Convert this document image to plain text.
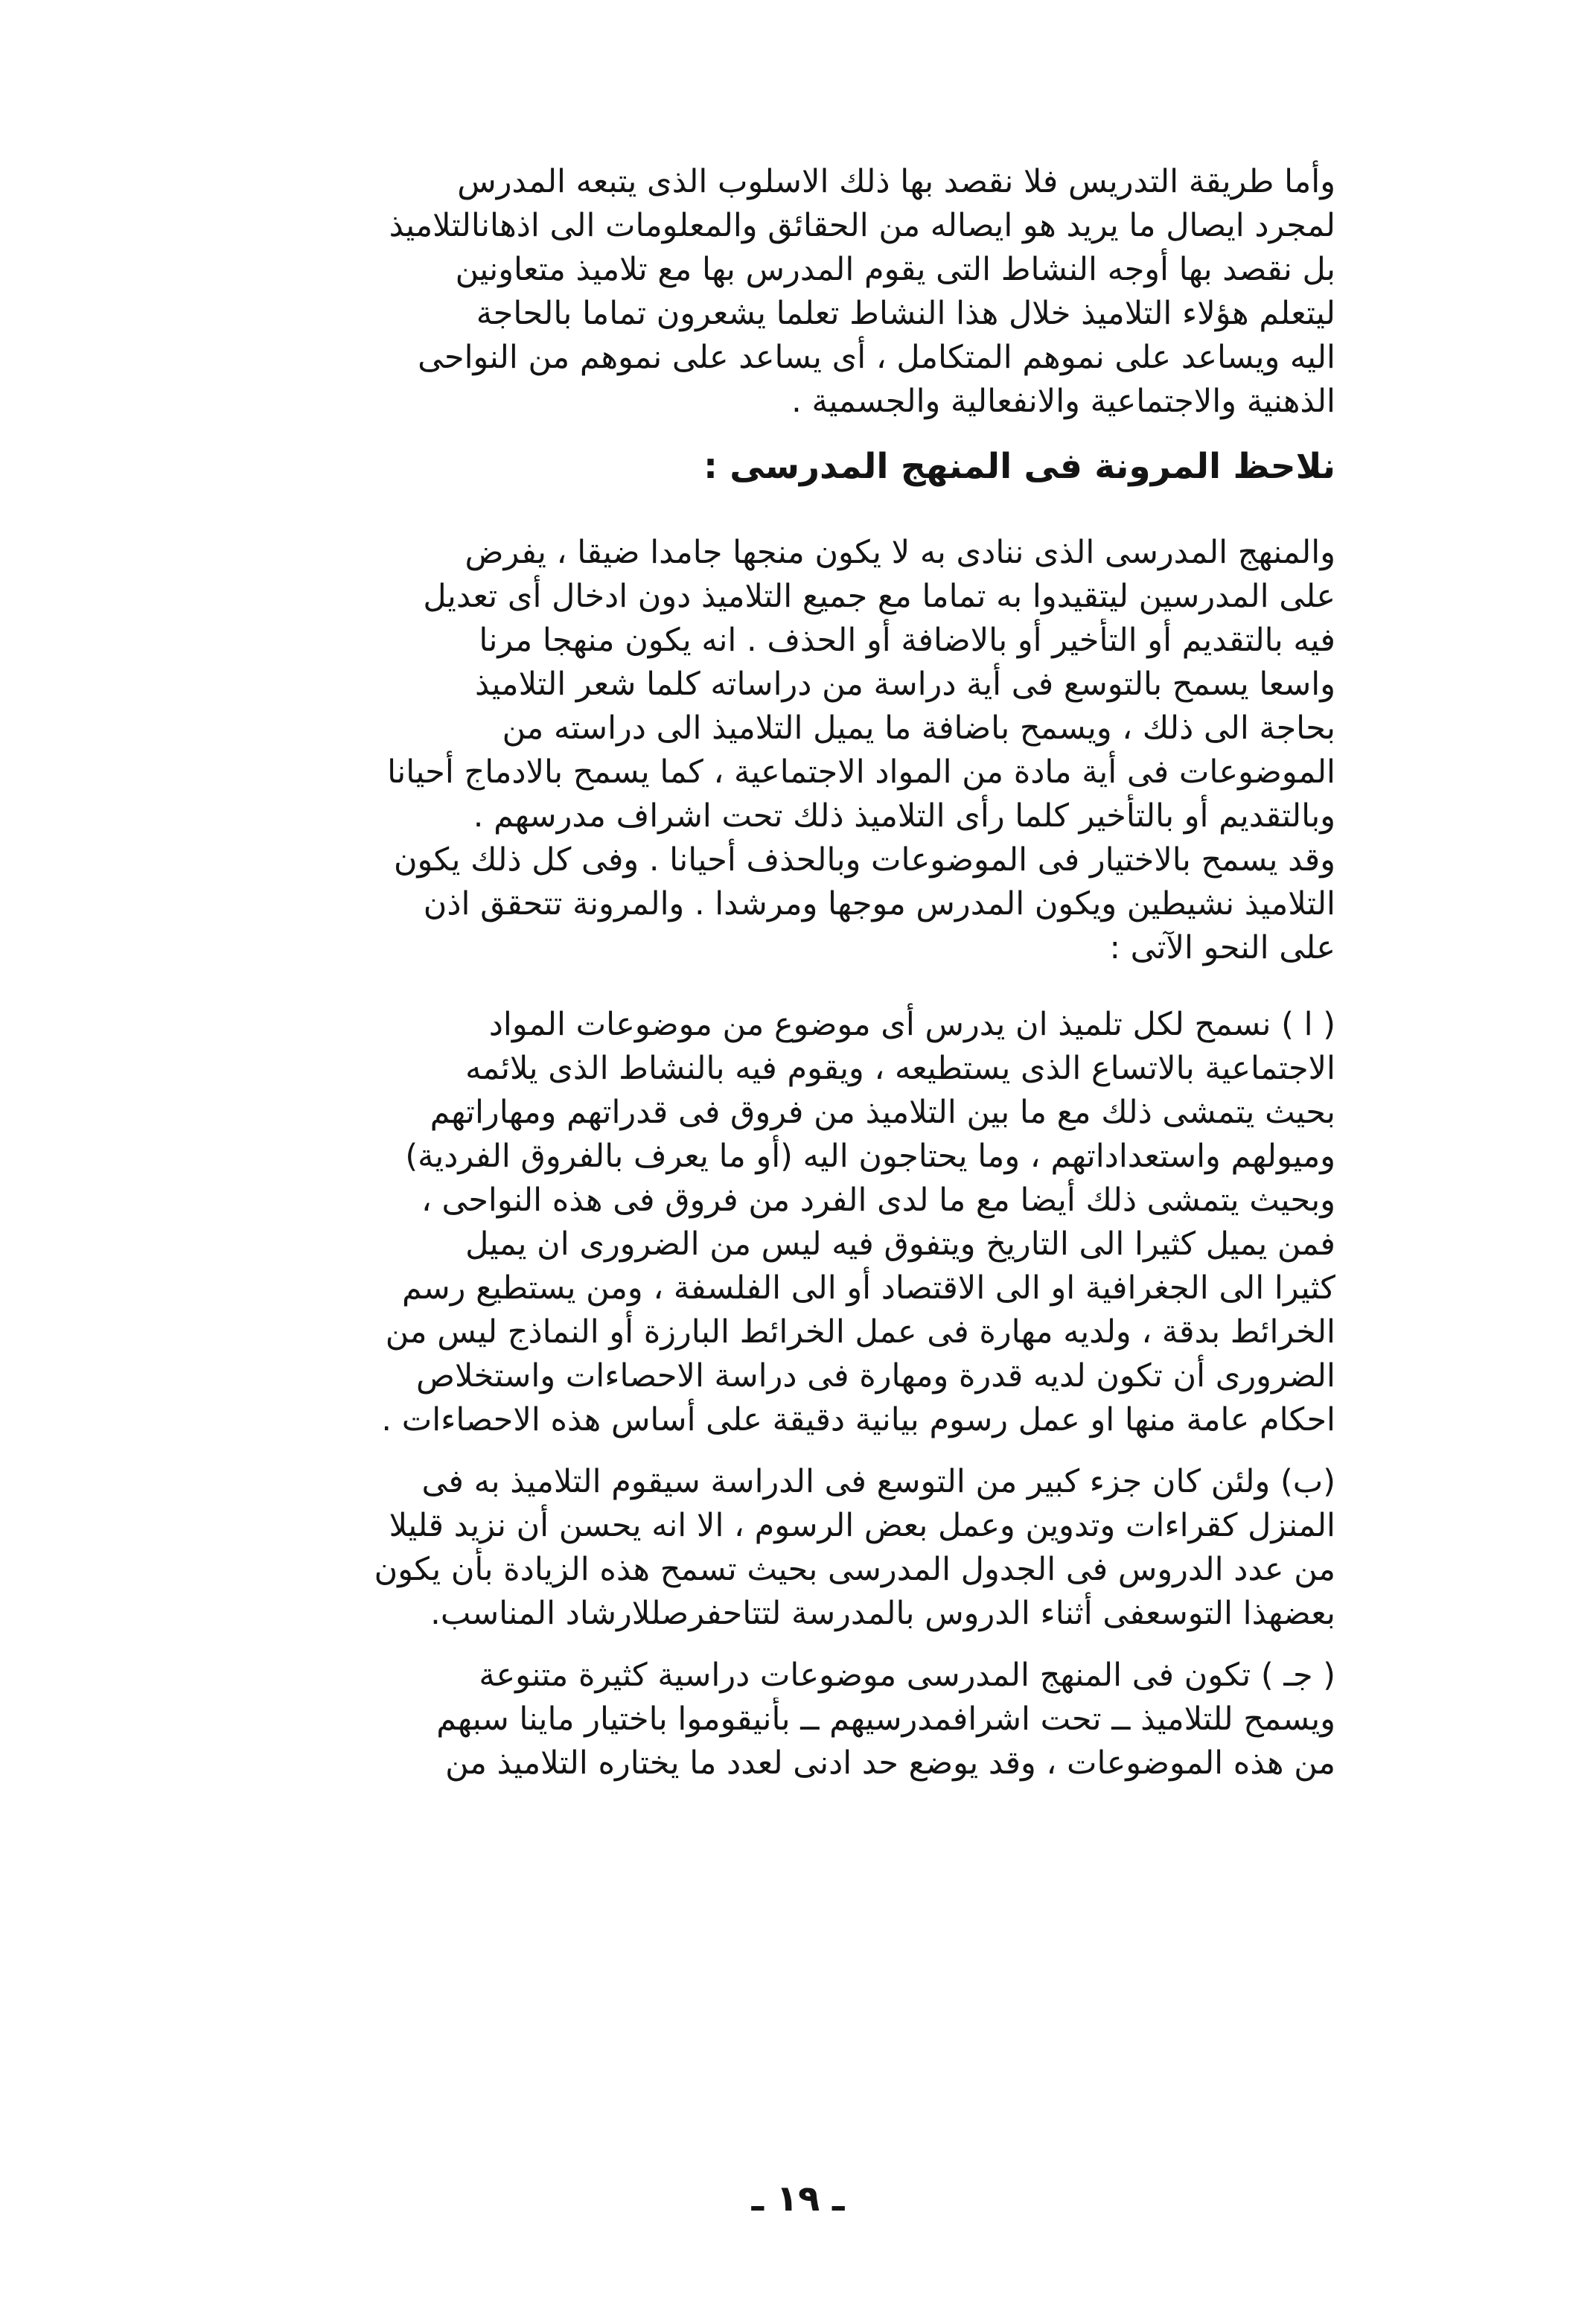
وأما طريقة التدريس فلا نقصد بها ذلك الاسلوب الذى يتبعه المدرس
لمجرد ايصال ما يريد هو ايصاله من الحقائق والمعلومات الى اذهانالتلاميذ
بل نقصد بها أوجه النشاط التى يقوم المدرس بها مع تلاميذ متعاونين
ليتعلم هؤلاء التلاميذ خلال هذا النشاط تعلما يشعرون تماما بالحاجة
اليه ويساعد على نموهم المتكامل ، أى يساعد على نموهم من النواحى
الذهنية والاجتماعية والانفعالية والجسمية .
نلاحظ المرونة فى المنهج المدرسى :
والمنهج المدرسى الذى ننادى به لا يكون منجها جامدا ضيقا ، يفرض
على المدرسين ليتقيدوا به تماما مع جميع التلاميذ دون ادخال أى تعديل
فيه بالتقديم أو التأخير أو بالاضافة أو الحذف . انه يكون منهجا مرنا
واسعا يسمح بالتوسع فى أية دراسة من دراساته كلما شعر التلاميذ
بحاجة الى ذلك ، ويسمح باضافة ما يميل التلاميذ الى دراسته من
الموضوعات فى أية مادة من المواد الاجتماعية ، كما يسمح بالادماج أحيانا
وبالتقديم أو بالتأخير كلما رأى التلاميذ ذلك تحت اشراف مدرسهم .
وقد يسمح بالاختيار فى الموضوعات وبالحذف أحيانا . وفى كل ذلك يكون
التلاميذ نشيطين ويكون المدرس موجها ومرشدا . والمرونة تتحقق اذن
على النحو الآتى :
( ا ) نسمح لكل تلميذ ان يدرس أى موضوع من موضوعات المواد
الاجتماعية بالاتساع الذى يستطيعه ، ويقوم فيه بالنشاط الذى يلائمه
بحيث يتمشى ذلك مع ما بين التلاميذ من فروق فى قدراتهم ومهاراتهم
وميولهم واستعداداتهم ، وما يحتاجون اليه (أو ما يعرف بالفروق الفردية)
وبحيث يتمشى ذلك أيضا مع ما لدى الفرد من فروق فى هذه النواحى ،
فمن يميل كثيرا الى التاريخ ويتفوق فيه ليس من الضرورى ان يميل
كثيرا الى الجغرافية او الى الاقتصاد أو الى الفلسفة ، ومن يستطيع رسم
الخرائط بدقة ، ولديه مهارة فى عمل الخرائط البارزة أو النماذج ليس من
الضرورى أن تكون لديه قدرة ومهارة فى دراسة الاحصاءات واستخلاص
احكام عامة منها او عمل رسوم بيانية دقيقة على أساس هذه الاحصاءات .
(ب) ولئن كان جزء كبير من التوسع فى الدراسة سيقوم التلاميذ به فى
المنزل كقراءات وتدوين وعمل بعض الرسوم ، الا انه يحسن أن نزيد قليلا
من عدد الدروس فى الجدول المدرسى بحيث تسمح هذه الزيادة بأن يكون
بعضهذا التوسعفى أثناء الدروس بالمدرسة لتتاحفرصللارشاد المناسب.
( جـ ) تكون فى المنهج المدرسى موضوعات دراسية كثيرة متنوعة
ويسمح للتلاميذ ــ تحت اشرافمدرسيهم ــ بأنيقوموا باختيار ماينا سبهم
من هذه الموضوعات ، وقد يوضع حد ادنى لعدد ما يختاره التلاميذ من
ـ ١٩ ـ
